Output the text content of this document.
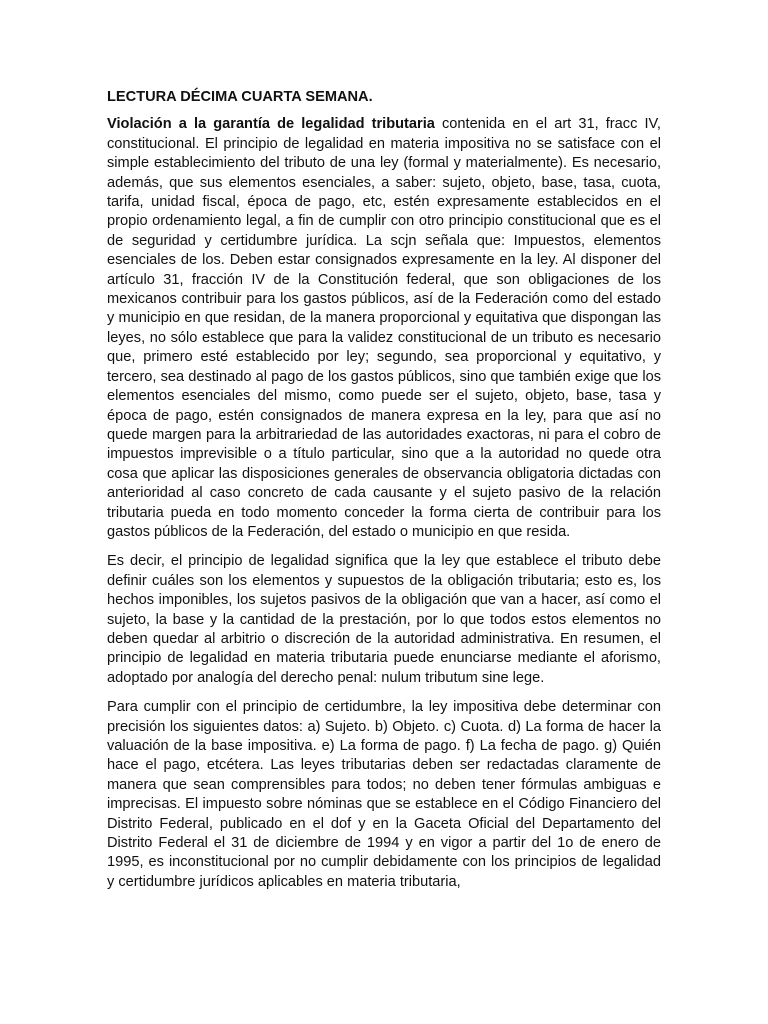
LECTURA DÉCIMA CUARTA SEMANA.

Violación a la garantía de legalidad tributaria contenida en el art 31, fracc IV, constitucional. El principio de legalidad en materia impositiva no se satisface con el simple establecimiento del tributo de una ley (formal y materialmente). Es necesario, además, que sus elementos esenciales, a saber: sujeto, objeto, base, tasa, cuota, tarifa, unidad fiscal, época de pago, etc, estén expresamente establecidos en el propio ordenamiento legal, a fin de cumplir con otro principio constitucional que es el de seguridad y certidumbre jurídica. La scjn señala que: Impuestos, elementos esenciales de los. Deben estar consignados expresamente en la ley. Al disponer del artículo 31, fracción IV de la Constitución federal, que son obligaciones de los mexicanos contribuir para los gastos públicos, así de la Federación como del estado y municipio en que residan, de la manera proporcional y equitativa que dispongan las leyes, no sólo establece que para la validez constitucional de un tributo es necesario que, primero esté establecido por ley; segundo, sea proporcional y equitativo, y tercero, sea destinado al pago de los gastos públicos, sino que también exige que los elementos esenciales del mismo, como puede ser el sujeto, objeto, base, tasa y época de pago, estén consignados de manera expresa en la ley, para que así no quede margen para la arbitrariedad de las autoridades exactoras, ni para el cobro de impuestos imprevisible o a título particular, sino que a la autoridad no quede otra cosa que aplicar las disposiciones generales de observancia obligatoria dictadas con anterioridad al caso concreto de cada causante y el sujeto pasivo de la relación tributaria pueda en todo momento conceder la forma cierta de contribuir para los gastos públicos de la Federación, del estado o municipio en que resida.

Es decir, el principio de legalidad significa que la ley que establece el tributo debe definir cuáles son los elementos y supuestos de la obligación tributaria; esto es, los hechos imponibles, los sujetos pasivos de la obligación que van a hacer, así como el sujeto, la base y la cantidad de la prestación, por lo que todos estos elementos no deben quedar al arbitrio o discreción de la autoridad administrativa. En resumen, el principio de legalidad en materia tributaria puede enunciarse mediante el aforismo, adoptado por analogía del derecho penal: nulum tributum sine lege.

Para cumplir con el principio de certidumbre, la ley impositiva debe determinar con precisión los siguientes datos: a) Sujeto. b) Objeto. c) Cuota. d) La forma de hacer la valuación de la base impositiva. e) La forma de pago. f) La fecha de pago. g) Quién hace el pago, etcétera. Las leyes tributarias deben ser redactadas claramente de manera que sean comprensibles para todos; no deben tener fórmulas ambiguas e imprecisas. El impuesto sobre nóminas que se establece en el Código Financiero del Distrito Federal, publicado en el dof y en la Gaceta Oficial del Departamento del Distrito Federal el 31 de diciembre de 1994 y en vigor a partir del 1o de enero de 1995, es inconstitucional por no cumplir debidamente con los principios de legalidad y certidumbre jurídicos aplicables en materia tributaria,
